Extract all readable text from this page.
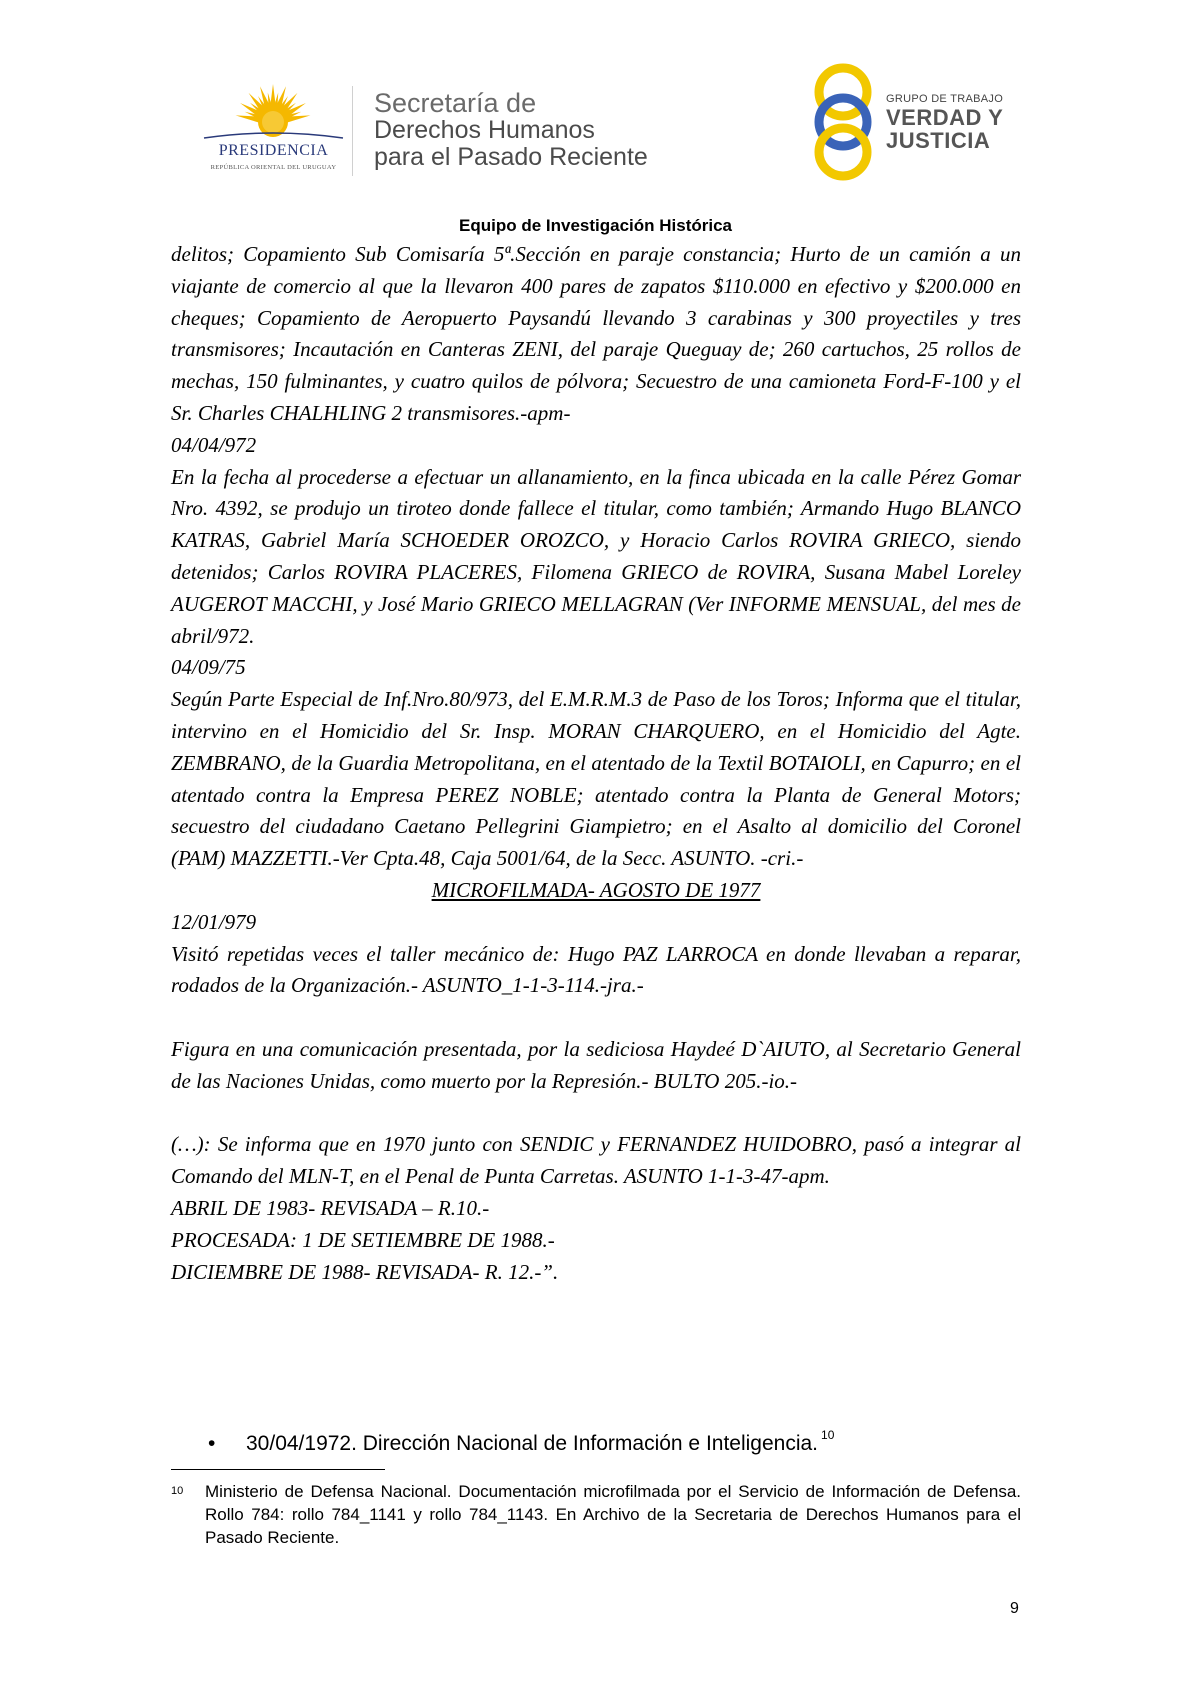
PRESIDENCIA
REPÚBLICA ORIENTAL DEL URUGUAY
Secretaría de
Derechos Humanos
para el Pasado Reciente
GRUPO DE TRABAJO
VERDAD Y
JUSTICIA
Equipo de Investigación Histórica

delitos; Copamiento Sub Comisaría 5ª.Sección en paraje constancia; Hurto de un camión a un viajante de comercio al que la llevaron 400 pares de zapatos $110.000 en efectivo y $200.000 en cheques; Copamiento de Aeropuerto Paysandú llevando 3 carabinas y 300 proyectiles y tres transmisores; Incautación en Canteras ZENI, del paraje Queguay de; 260 cartuchos, 25 rollos de mechas, 150 fulminantes, y cuatro quilos de pólvora; Secuestro de una camioneta Ford-F-100 y el Sr. Charles CHALHLING 2 transmisores.-apm-

04/04/972

En la fecha al procederse a efectuar un allanamiento, en la finca ubicada en la calle Pérez Gomar Nro. 4392, se produjo un tiroteo donde fallece el titular, como también; Armando Hugo BLANCO KATRAS, Gabriel María SCHOEDER OROZCO, y Horacio Carlos ROVIRA GRIECO, siendo detenidos; Carlos ROVIRA PLACERES, Filomena GRIECO de ROVIRA, Susana Mabel Loreley AUGEROT MACCHI, y José Mario GRIECO MELLAGRAN (Ver INFORME MENSUAL, del mes de abril/972.

04/09/75

Según Parte Especial de Inf.Nro.80/973, del E.M.R.M.3 de Paso de los Toros; Informa que el titular, intervino en el Homicidio del Sr. Insp. MORAN CHARQUERO, en el Homicidio del Agte. ZEMBRANO, de la Guardia Metropolitana, en el atentado de la Textil BOTAIOLI, en Capurro; en el atentado contra la Empresa PEREZ NOBLE; atentado contra la Planta de General Motors; secuestro del ciudadano Caetano Pellegrini Giampietro; en el Asalto al domicilio del Coronel (PAM) MAZZETTI.-Ver Cpta.48, Caja 5001/64, de la Secc. ASUNTO. -cri.-

MICROFILMADA- AGOSTO DE 1977

12/01/979

Visitó repetidas veces el taller mecánico de: Hugo PAZ LARROCA en donde llevaban a reparar, rodados de la Organización.- ASUNTO_1-1-3-114.-jra.-

Figura en una comunicación presentada, por la sediciosa Haydeé D`AIUTO, al Secretario General de las Naciones Unidas, como muerto por la Represión.- BULTO 205.-io.-

(…): Se informa que en 1970 junto con SENDIC y FERNANDEZ HUIDOBRO, pasó a integrar al Comando del MLN-T, en el Penal de Punta Carretas. ASUNTO 1-1-3-47-apm.

ABRIL DE 1983- REVISADA – R.10.-

PROCESADA: 1 DE SETIEMBRE DE 1988.-

DICIEMBRE DE 1988- REVISADA- R. 12.-”.

• 30/04/1972. Dirección Nacional de Información e Inteligencia. $^{10}$
10 Ministerio de Defensa Nacional. Documentación microfilmada por el Servicio de Información de Defensa. Rollo 784: rollo 784_1141 y rollo 784_1143. En Archivo de la Secretaria de Derechos Humanos para el Pasado Reciente.
9
